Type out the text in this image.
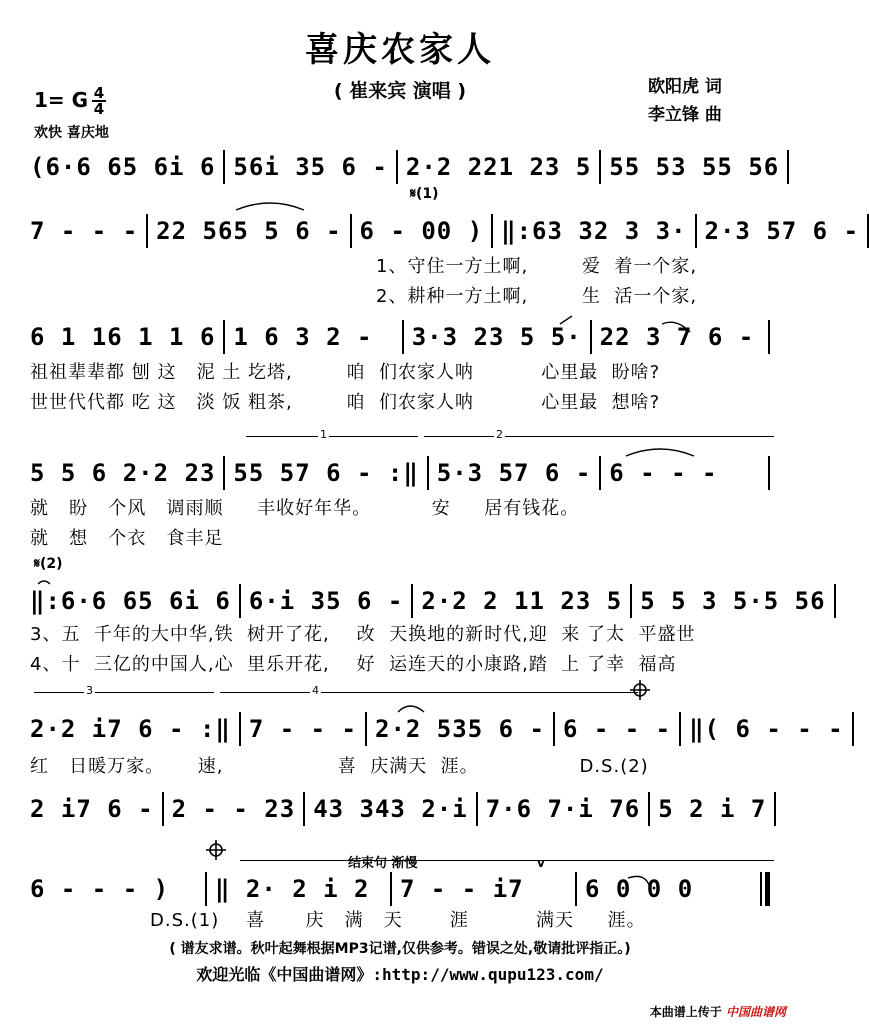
喜庆农家人
( 崔来宾 演唱 )	欧阳虎 词
李立锋 曲
1= G $\frac{4}{4}$
欢快 喜庆地
(6·6 65 6i 6 56i 35 6 - 2·2 221 23 5 55 53 55 56
7 - - - 22 565 5 6 - 6 - 00 ) ‖:63 32 3 3· 2·3 57 6 -
6 1 16 1 1 6 1 6 3 2 -	3·3 23 5 5· 22 3 7 6 -
5 5 6 2·2 23 55 57 6 - :‖ 5·3 57 6 - 6 - - -
‖:6·6 65 6i 6 6·i 35 6 - 2·2 2 11 23 5 5 5 3 5·5 56
2·2 i7 6 - :‖ 7 - - - 2·2 535 6 - 6 - - - ‖( 6 - - -
2 i7 6 - 2 - - 23 43 343 2·i 7·6 7·i 76 5 2 i 7
6 - - - )	‖ 2· 2 i 2	7 - - i7	6 0 0 0
𝄋(1)
𝄋(2)
1	2
3	4
结束句 渐慢	v
1、守住一方土啊,        爱  着一个家,
2、耕种一方土啊,        生  活一个家,
祖祖辈辈都 刨 这   泥 土 圪塔,        咱  们农家人呐          心里最  盼啥?
世世代代都 吃 这   淡 饭 粗茶,        咱  们农家人呐          心里最  想啥?
就   盼   个风   调雨顺     丰收好年华。         安     居有钱花。
就   想   个衣   食丰足
3、五  千年的大中华,铁  树开了花,    改  天换地的新时代,迎  来 了太  平盛世
4、十  三亿的中国人,心  里乐开花,    好  运连天的小康路,踏  上 了幸  福高
红   日暖万家。     速,                 喜  庆满天  涯。               D.S.(2)
D.S.(1)    喜      庆   满   天       涯          满天     涯。
( 谱友求谱。秋叶起舞根据MP3记谱,仅供参考。错误之处,敬请批评指正。)
欢迎光临《中国曲谱网》:http://www.qupu123.com/
本曲谱上传于 中国曲谱网
